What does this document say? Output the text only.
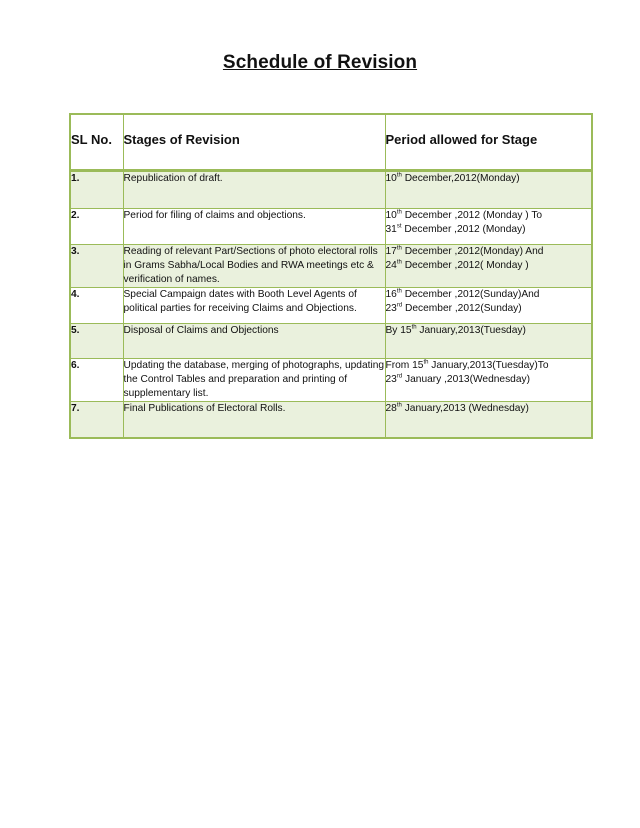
Schedule of Revision
SL No.	Stages of Revision	Period allowed for Stage
1.	Republication of draft.	10th December,2012(Monday)

2.	Period for filing of claims and objections.	10th December ,2012 (Monday ) To
31st December ,2012 (Monday)

3.	Reading of relevant Part/Sections of photo electoral rolls in Grams Sabha/Local Bodies and RWA meetings etc & verification of names.	17th December ,2012(Monday) And
24th December ,2012( Monday )

4.	Special Campaign dates with Booth Level Agents of political parties for receiving Claims and Objections.	16th December ,2012(Sunday)And
23rd December ,2012(Sunday)

5.	Disposal of Claims and Objections	By 15th January,2013(Tuesday)

6.	Updating the database, merging of photographs, updating the Control Tables and preparation and printing of supplementary list.	From 15th January,2013(Tuesday)To
23rd January ,2013(Wednesday)

7.	Final Publications of Electoral Rolls.	28th January,2013 (Wednesday)
